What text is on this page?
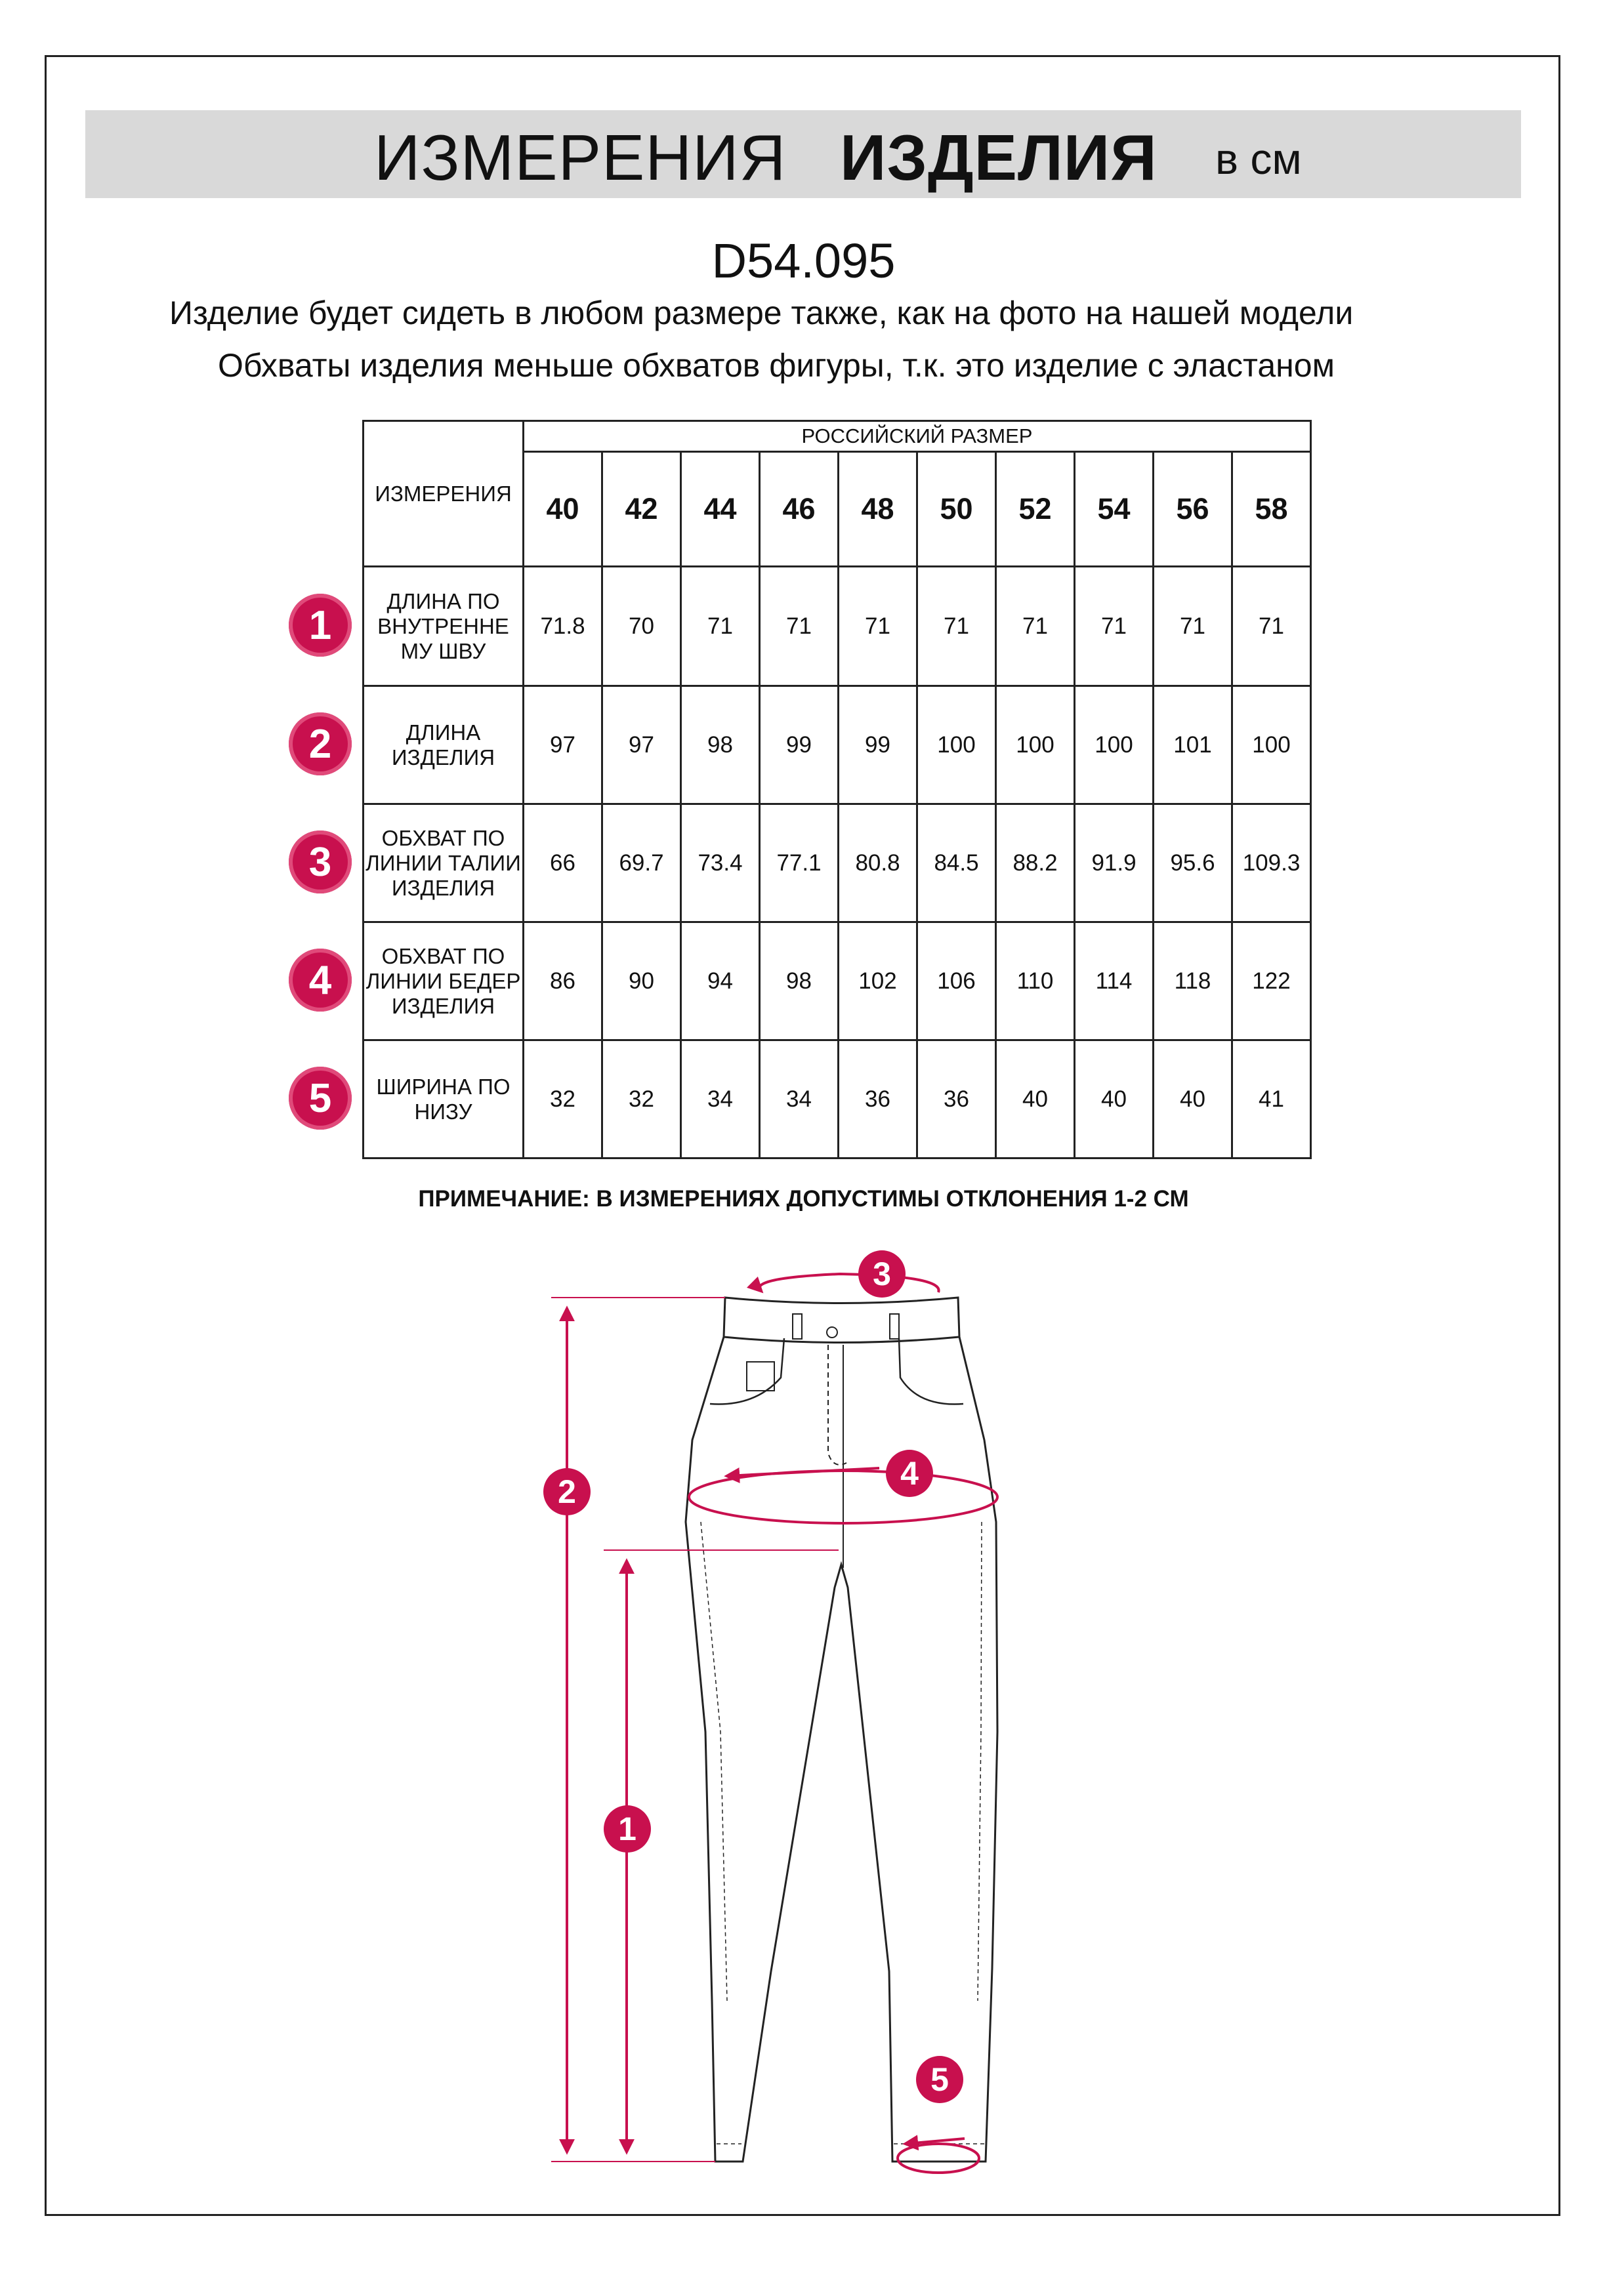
ИЗМЕРЕНИЯ ИЗДЕЛИЯ в см
D54.095
Изделие будет сидеть в любом размере также, как на фото на нашей модели
Обхваты изделия меньше обхватов фигуры, т.к. это изделие с эластаном
ИЗМЕРЕНИЯ	РОССИЙСКИЙ РАЗМЕР									
	40	42	44	46	48	50	52	54	56	58
ДЛИНА ПО ВНУТРЕННЕ МУ ШВУ	71.8	70	71	71	71	71	71	71	71	71
ДЛИНА ИЗДЕЛИЯ	97	97	98	99	99	100	100	100	101	100
ОБХВАТ ПО ЛИНИИ ТАЛИИ ИЗДЕЛИЯ	66	69.7	73.4	77.1	80.8	84.5	88.2	91.9	95.6	109.3
ОБХВАТ ПО ЛИНИИ БЕДЕР ИЗДЕЛИЯ	86	90	94	98	102	106	110	114	118	122
ШИРИНА ПО НИЗУ	32	32	34	34	36	36	40	40	40	41
1
2
3
4
5
ПРИМЕЧАНИЕ: В ИЗМЕРЕНИЯХ ДОПУСТИМЫ ОТКЛОНЕНИЯ 1-2 СМ
3
4
2
1
5
